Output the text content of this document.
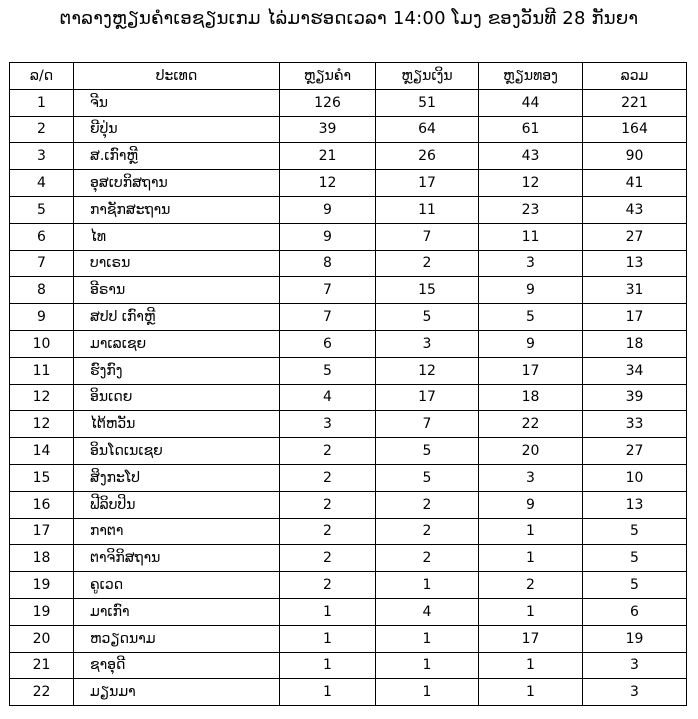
ຕາລາງຫຼຽນຄຳເອຊຽນເກມ ໄລ່ມາຮອດເວລາ 14:00 ໂມງ ຂອງວັນທີ 28 ກັນຍາ
ລ/ດ	ປະເທດ	ຫຼຽນຄຳ	ຫຼຽນເງິນ	ຫຼຽນທອງ	ລວມ
1	ຈີນ	126	51	44	221
2	ຍີປຸ່ນ	39	64	61	164
3	ສ.ເກົາຫຼີ	21	26	43	90
4	ອຸສເບກິສຖານ	12	17	12	41
5	ກາຊັກສະຖານ	9	11	23	43
6	ໄທ	9	7	11	27
7	ບາເຣນ	8	2	3	13
8	ອີຣານ	7	15	9	31
9	ສປປ ເກົາຫຼີ	7	5	5	17
10	ມາເລເຊຍ	6	3	9	18
11	ຮົງກົງ	5	12	17	34
12	ອິນເດຍ	4	17	18	39
12	ໄຕ້ຫວັນ	3	7	22	33
14	ອິນໂດເນເຊຍ	2	5	20	27
15	ສິງກະໂປ	2	5	3	10
16	ຟີລິບປິນ	2	2	9	13
17	ກາຕາ	2	2	1	5
18	ຕາຈິກິສຖານ	2	2	1	5
19	ຄູເວດ	2	1	2	5
19	ມາເກົາ	1	4	1	6
20	ຫວຽດນາມ	1	1	17	19
21	ຊາອຸດີ	1	1	1	3
22	ມຽນມາ	1	1	1	3
